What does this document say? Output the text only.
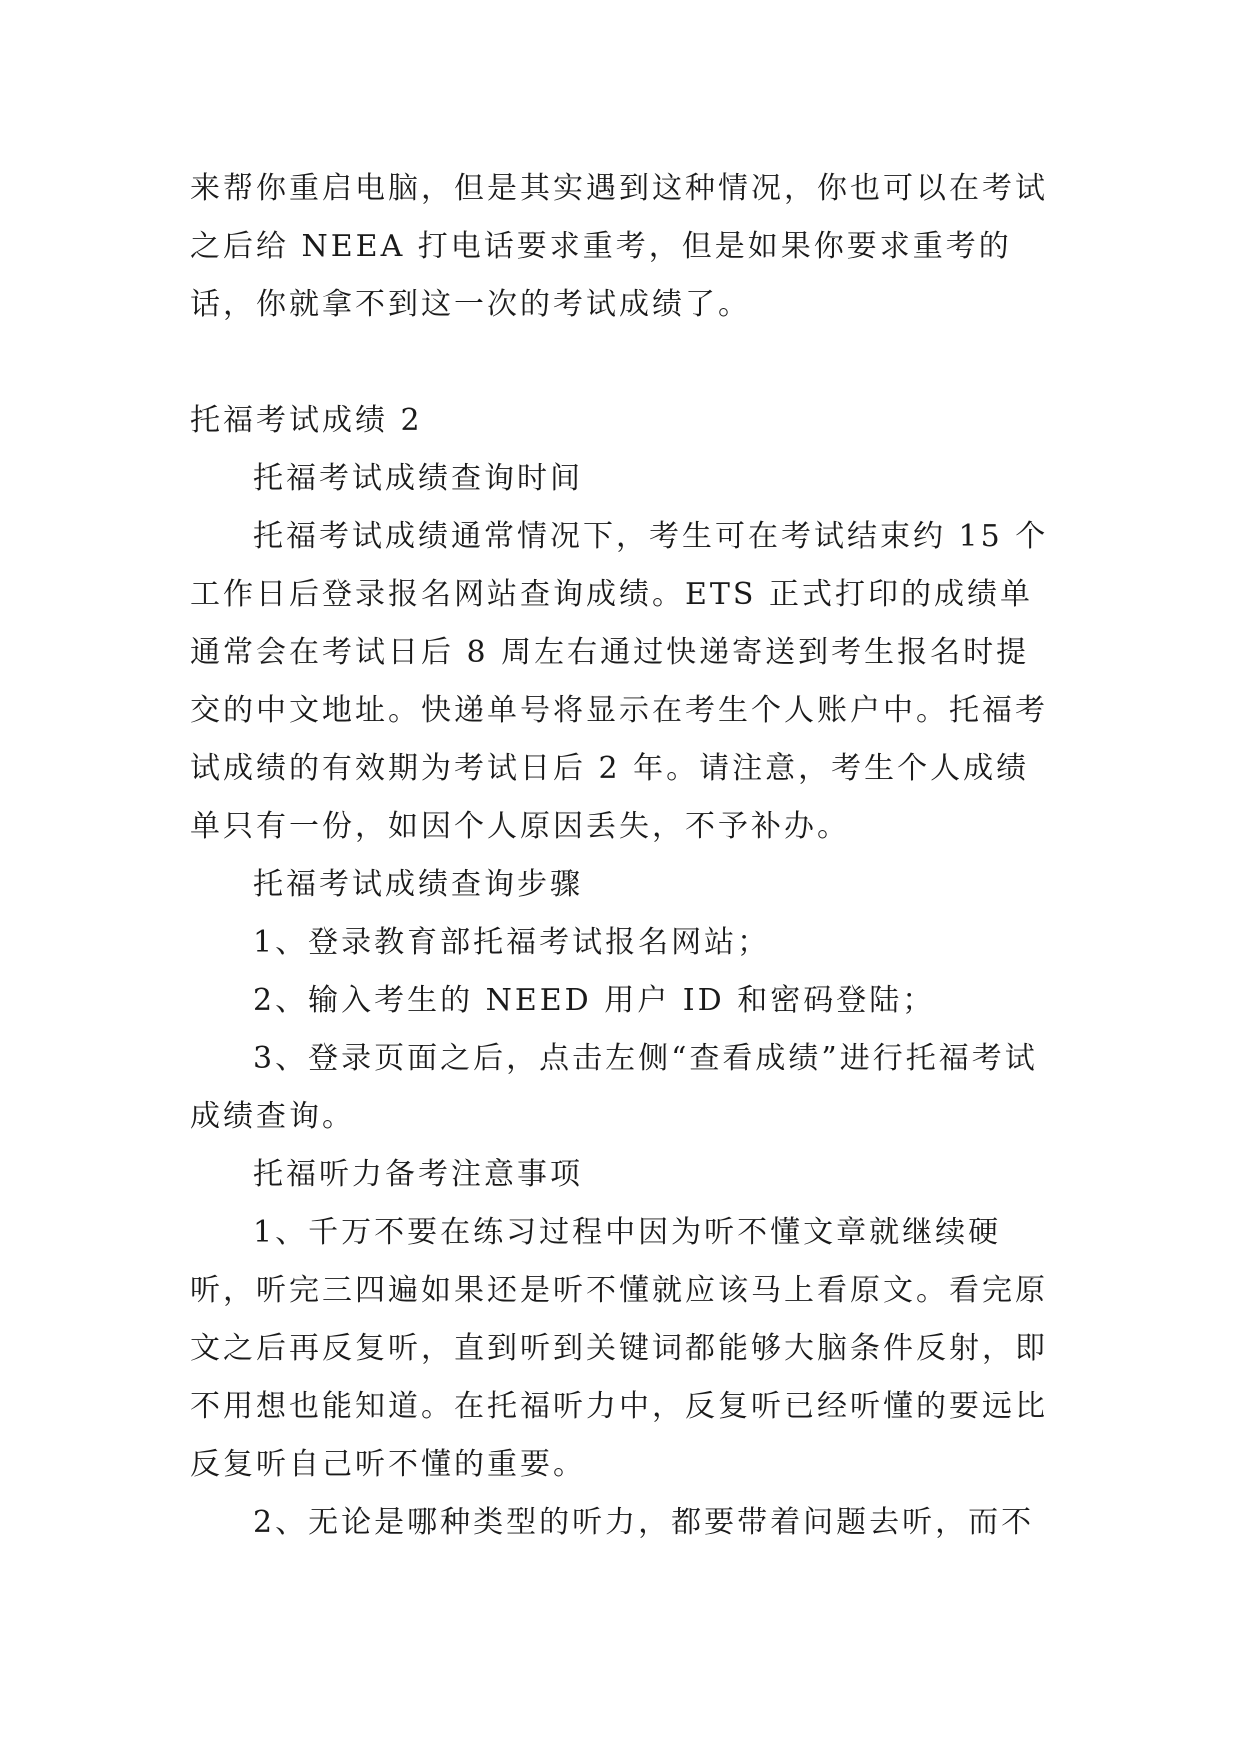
来帮你重启电脑，但是其实遇到这种情况，你也可以在考试之后给 NEEA 打电话要求重考，但是如果你要求重考的话，你就拿不到这一次的考试成绩了。

托福考试成绩 2

托福考试成绩查询时间

托福考试成绩通常情况下，考生可在考试结束约 15 个工作日后登录报名网站查询成绩。ETS 正式打印的成绩单通常会在考试日后 8 周左右通过快递寄送到考生报名时提交的中文地址。快递单号将显示在考生个人账户中。托福考试成绩的有效期为考试日后 2 年。请注意，考生个人成绩单只有一份，如因个人原因丢失，不予补办。

托福考试成绩查询步骤

1、登录教育部托福考试报名网站；

2、输入考生的 NEED 用户 ID 和密码登陆；

3、登录页面之后，点击左侧“查看成绩”进行托福考试成绩查询。

托福听力备考注意事项

1、千万不要在练习过程中因为听不懂文章就继续硬听，听完三四遍如果还是听不懂就应该马上看原文。看完原文之后再反复听，直到听到关键词都能够大脑条件反射，即不用想也能知道。在托福听力中，反复听已经听懂的要远比反复听自己听不懂的重要。

2、无论是哪种类型的听力，都要带着问题去听，而不
